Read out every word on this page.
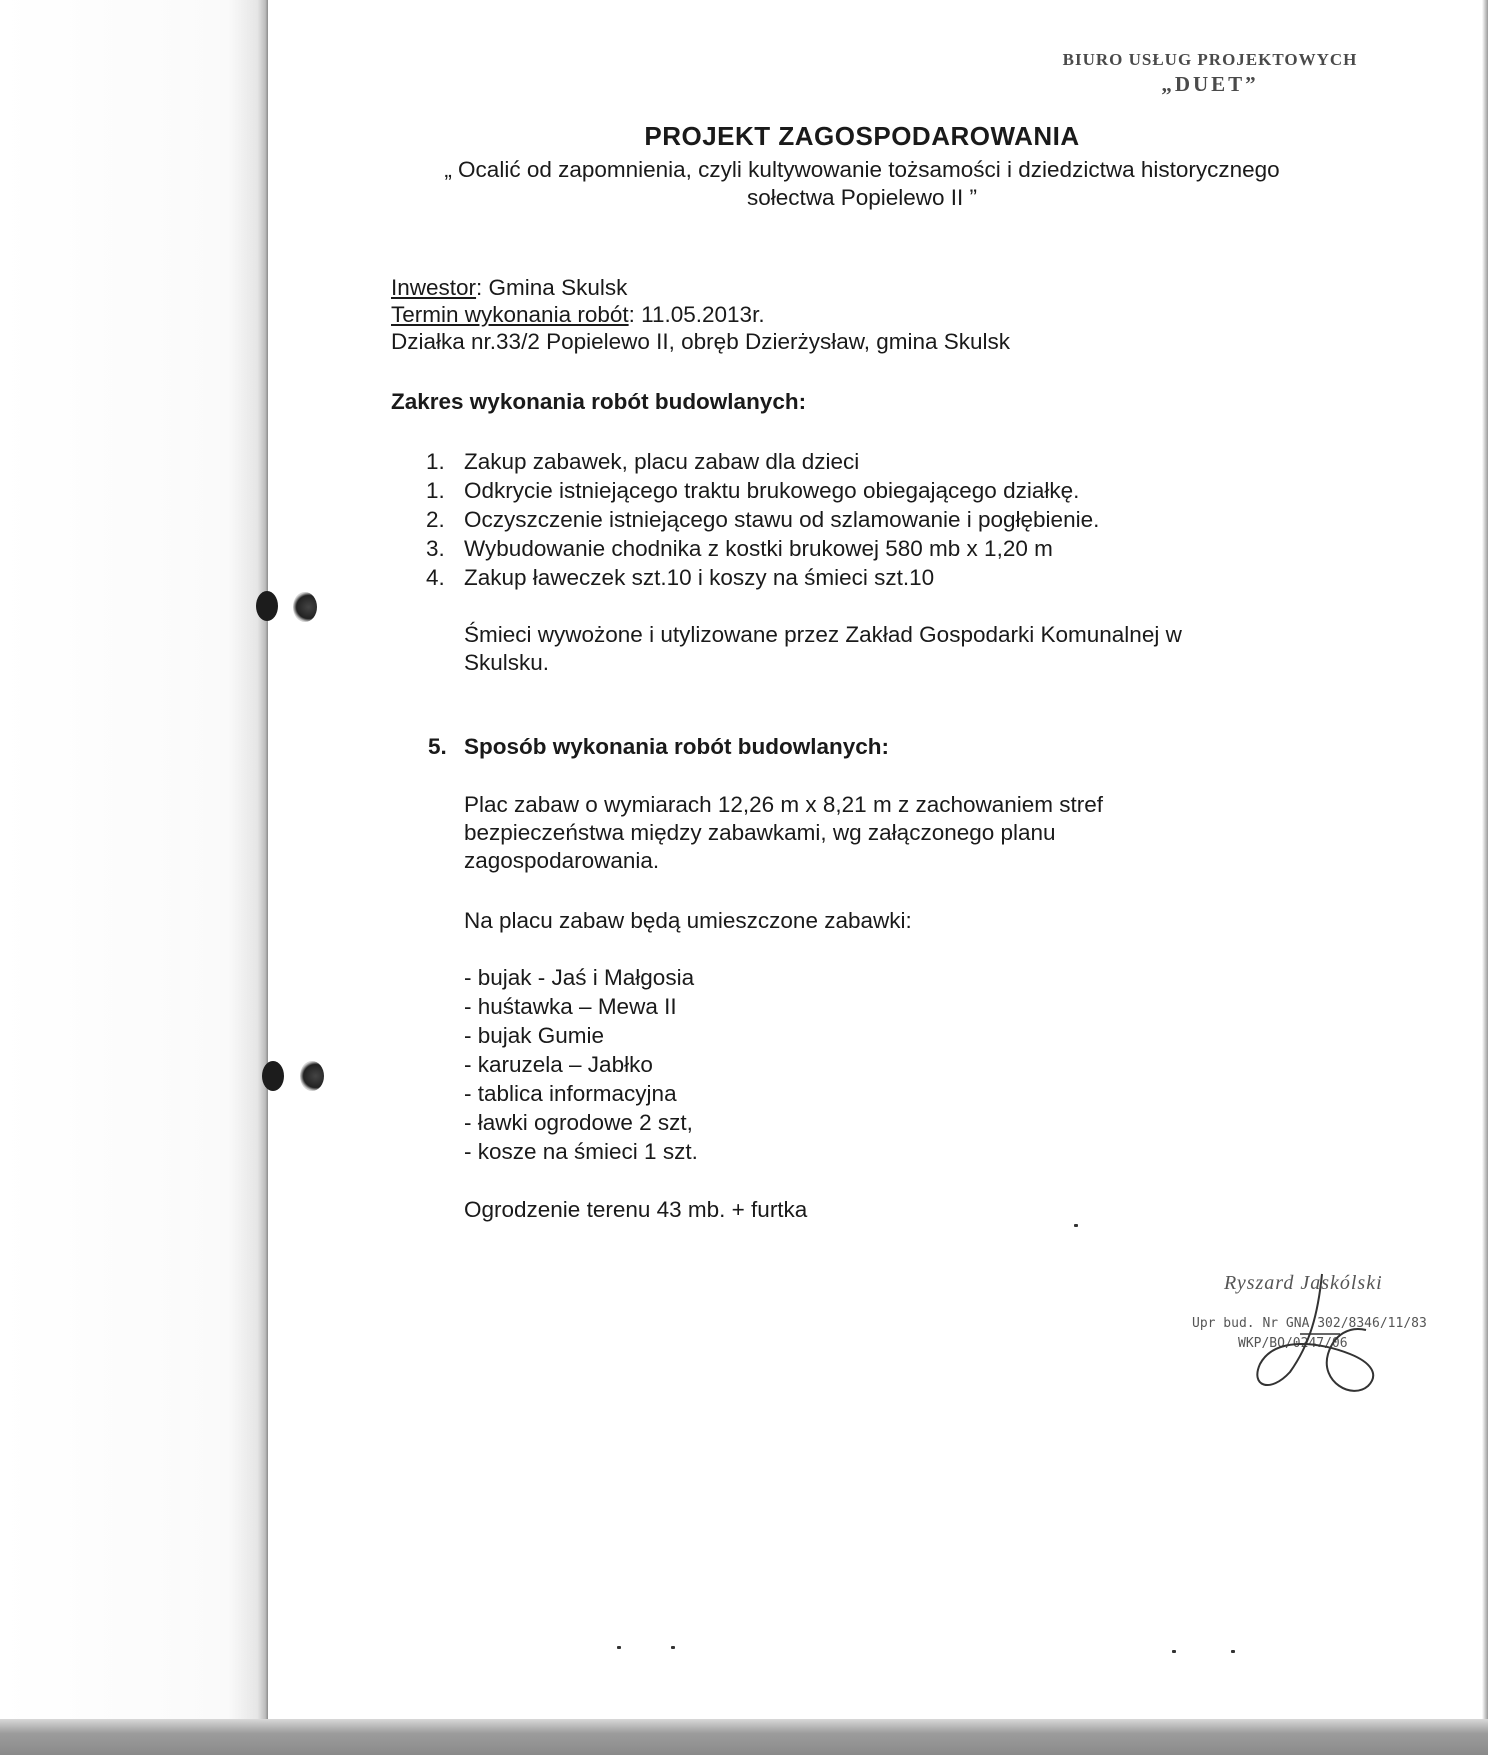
BIURO USŁUG PROJEKTOWYCH
„DUET”
PROJEKT ZAGOSPODAROWANIA
„ Ocalić od zapomnienia, czyli kultywowanie tożsamości i dziedzictwa historycznego
sołectwa Popielewo II ”
Inwestor: Gmina Skulsk
Termin wykonania robót: 11.05.2013r.
Działka nr.33/2 Popielewo II, obręb Dzierżysław, gmina Skulsk
Zakres wykonania robót budowlanych:
1. Zakup zabawek, placu zabaw dla dzieci
1. Odkrycie istniejącego traktu brukowego obiegającego działkę.
2. Oczyszczenie istniejącego stawu od szlamowanie i pogłębienie.
3. Wybudowanie chodnika z kostki brukowej 580 mb x 1,20 m
4. Zakup ławeczek szt.10 i koszy na śmieci szt.10
Śmieci wywożone i utylizowane przez Zakład Gospodarki Komunalnej w
Skulsku.
5. Sposób wykonania robót budowlanych:
Plac zabaw o wymiarach 12,26 m x 8,21 m z zachowaniem stref
bezpieczeństwa między zabawkami, wg załączonego planu
zagospodarowania.
Na placu zabaw będą umieszczone zabawki:
- bujak - Jaś i Małgosia
- huśtawka – Mewa II
- bujak Gumie
- karuzela – Jabłko
- tablica informacyjna
- ławki ogrodowe 2 szt,
- kosze na śmieci 1 szt.
Ogrodzenie terenu 43 mb. + furtka
Ryszard Jaskólski
Upr bud. Nr GNA 302/8346/11/83
WKP/BO/0247/06
